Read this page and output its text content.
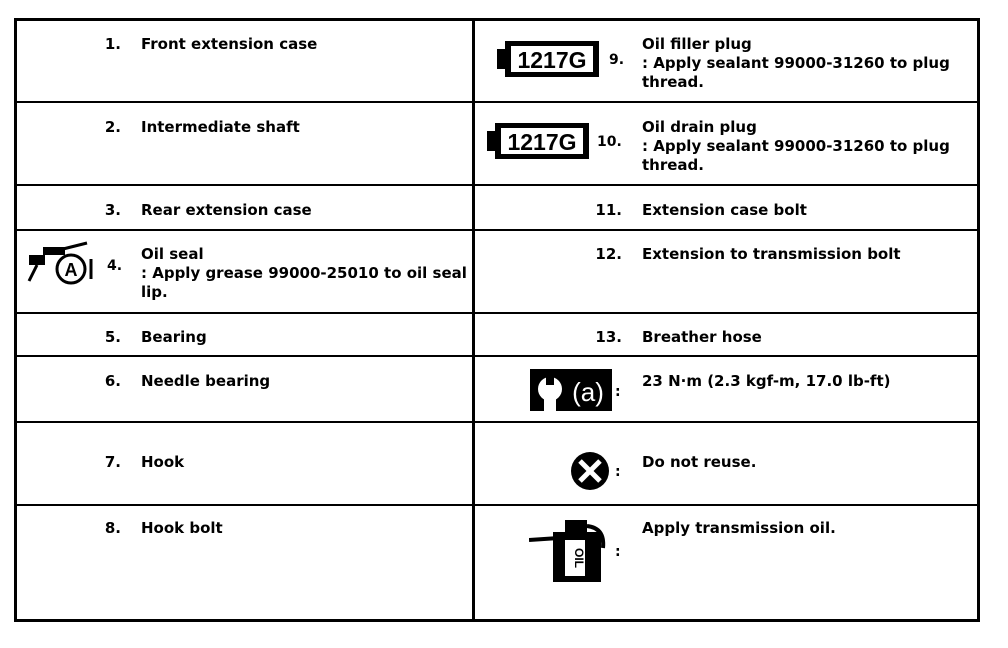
1. Front extension case
2. Intermediate shaft
3. Rear extension case
A 4.
Oil seal
: Apply grease 99000-25010 to oil seal
lip.
5. Bearing
6. Needle bearing
7. Hook
8. Hook bolt
1217G 9.
Oil filler plug
: Apply sealant 99000-31260 to plug
thread.
1217G 10.
Oil drain plug
: Apply sealant 99000-31260 to plug
thread.
11. Extension case bolt
12. Extension to transmission bolt
13. Breather hose
(a) :
23 N·m (2.3 kgf-m, 17.0 lb-ft)
:
Do not reuse.
OIL :
Apply transmission oil.
